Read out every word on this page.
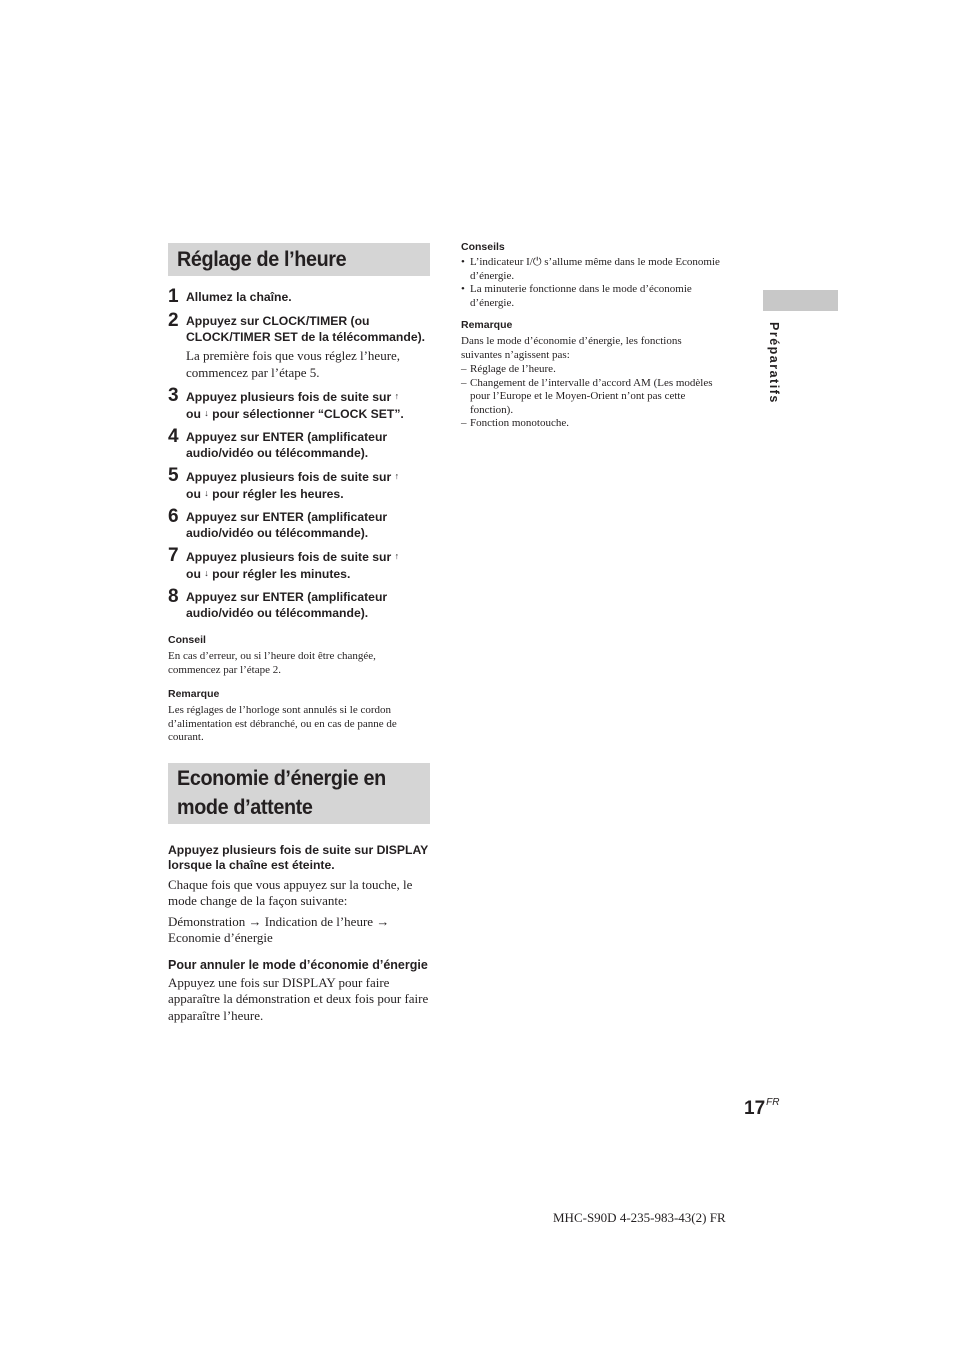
Réglage de l’heure
1 Allumez la chaîne.
2 Appuyez sur CLOCK/TIMER (ou CLOCK/TIMER SET de la télécommande).
La première fois que vous réglez l’heure, commencez par l’étape 5.
3 Appuyez plusieurs fois de suite sur ↑
ou ↓ pour sélectionner “CLOCK SET”.
4 Appuyez sur ENTER (amplificateur audio/vidéo ou télécommande).
5 Appuyez plusieurs fois de suite sur ↑
ou ↓ pour régler les heures.
6 Appuyez sur ENTER (amplificateur audio/vidéo ou télécommande).
7 Appuyez plusieurs fois de suite sur ↑
ou ↓ pour régler les minutes.
8 Appuyez sur ENTER (amplificateur audio/vidéo ou télécommande).

Conseil

En cas d’erreur, ou si l’heure doit être changée, commencez par l’étape 2.

Remarque

Les réglages de l’horloge sont annulés si le cordon d’alimentation est débranché, ou en cas de panne de courant.

Economie d’énergie en
mode d’attente

Appuyez plusieurs fois de suite sur DISPLAY lorsque la chaîne est éteinte.

Chaque fois que vous appuyez sur la touche, le mode change de la façon suivante:

Démonstration → Indication de l’heure →
Economie d’énergie

Pour annuler le mode d’économie d’énergie

Appuyez une fois sur DISPLAY pour faire apparaître la démonstration et deux fois pour faire apparaître l’heure.

Conseils

• L’indicateur I/⏻ s’allume même dans le mode Economie d’énergie.
• La minuterie fonctionne dans le mode d’économie d’énergie.

Remarque

Dans le mode d’économie d’énergie, les fonctions suivantes n’agissent pas:

– Réglage de l’heure.
– Changement de l’intervalle d’accord AM (Les modèles pour l’Europe et le Moyen-Orient n’ont pas cette fonction).
– Fonction monotouche.
Préparatifs
$17^{FR}$
MHC-S90D 4-235-983-43(2) FR
